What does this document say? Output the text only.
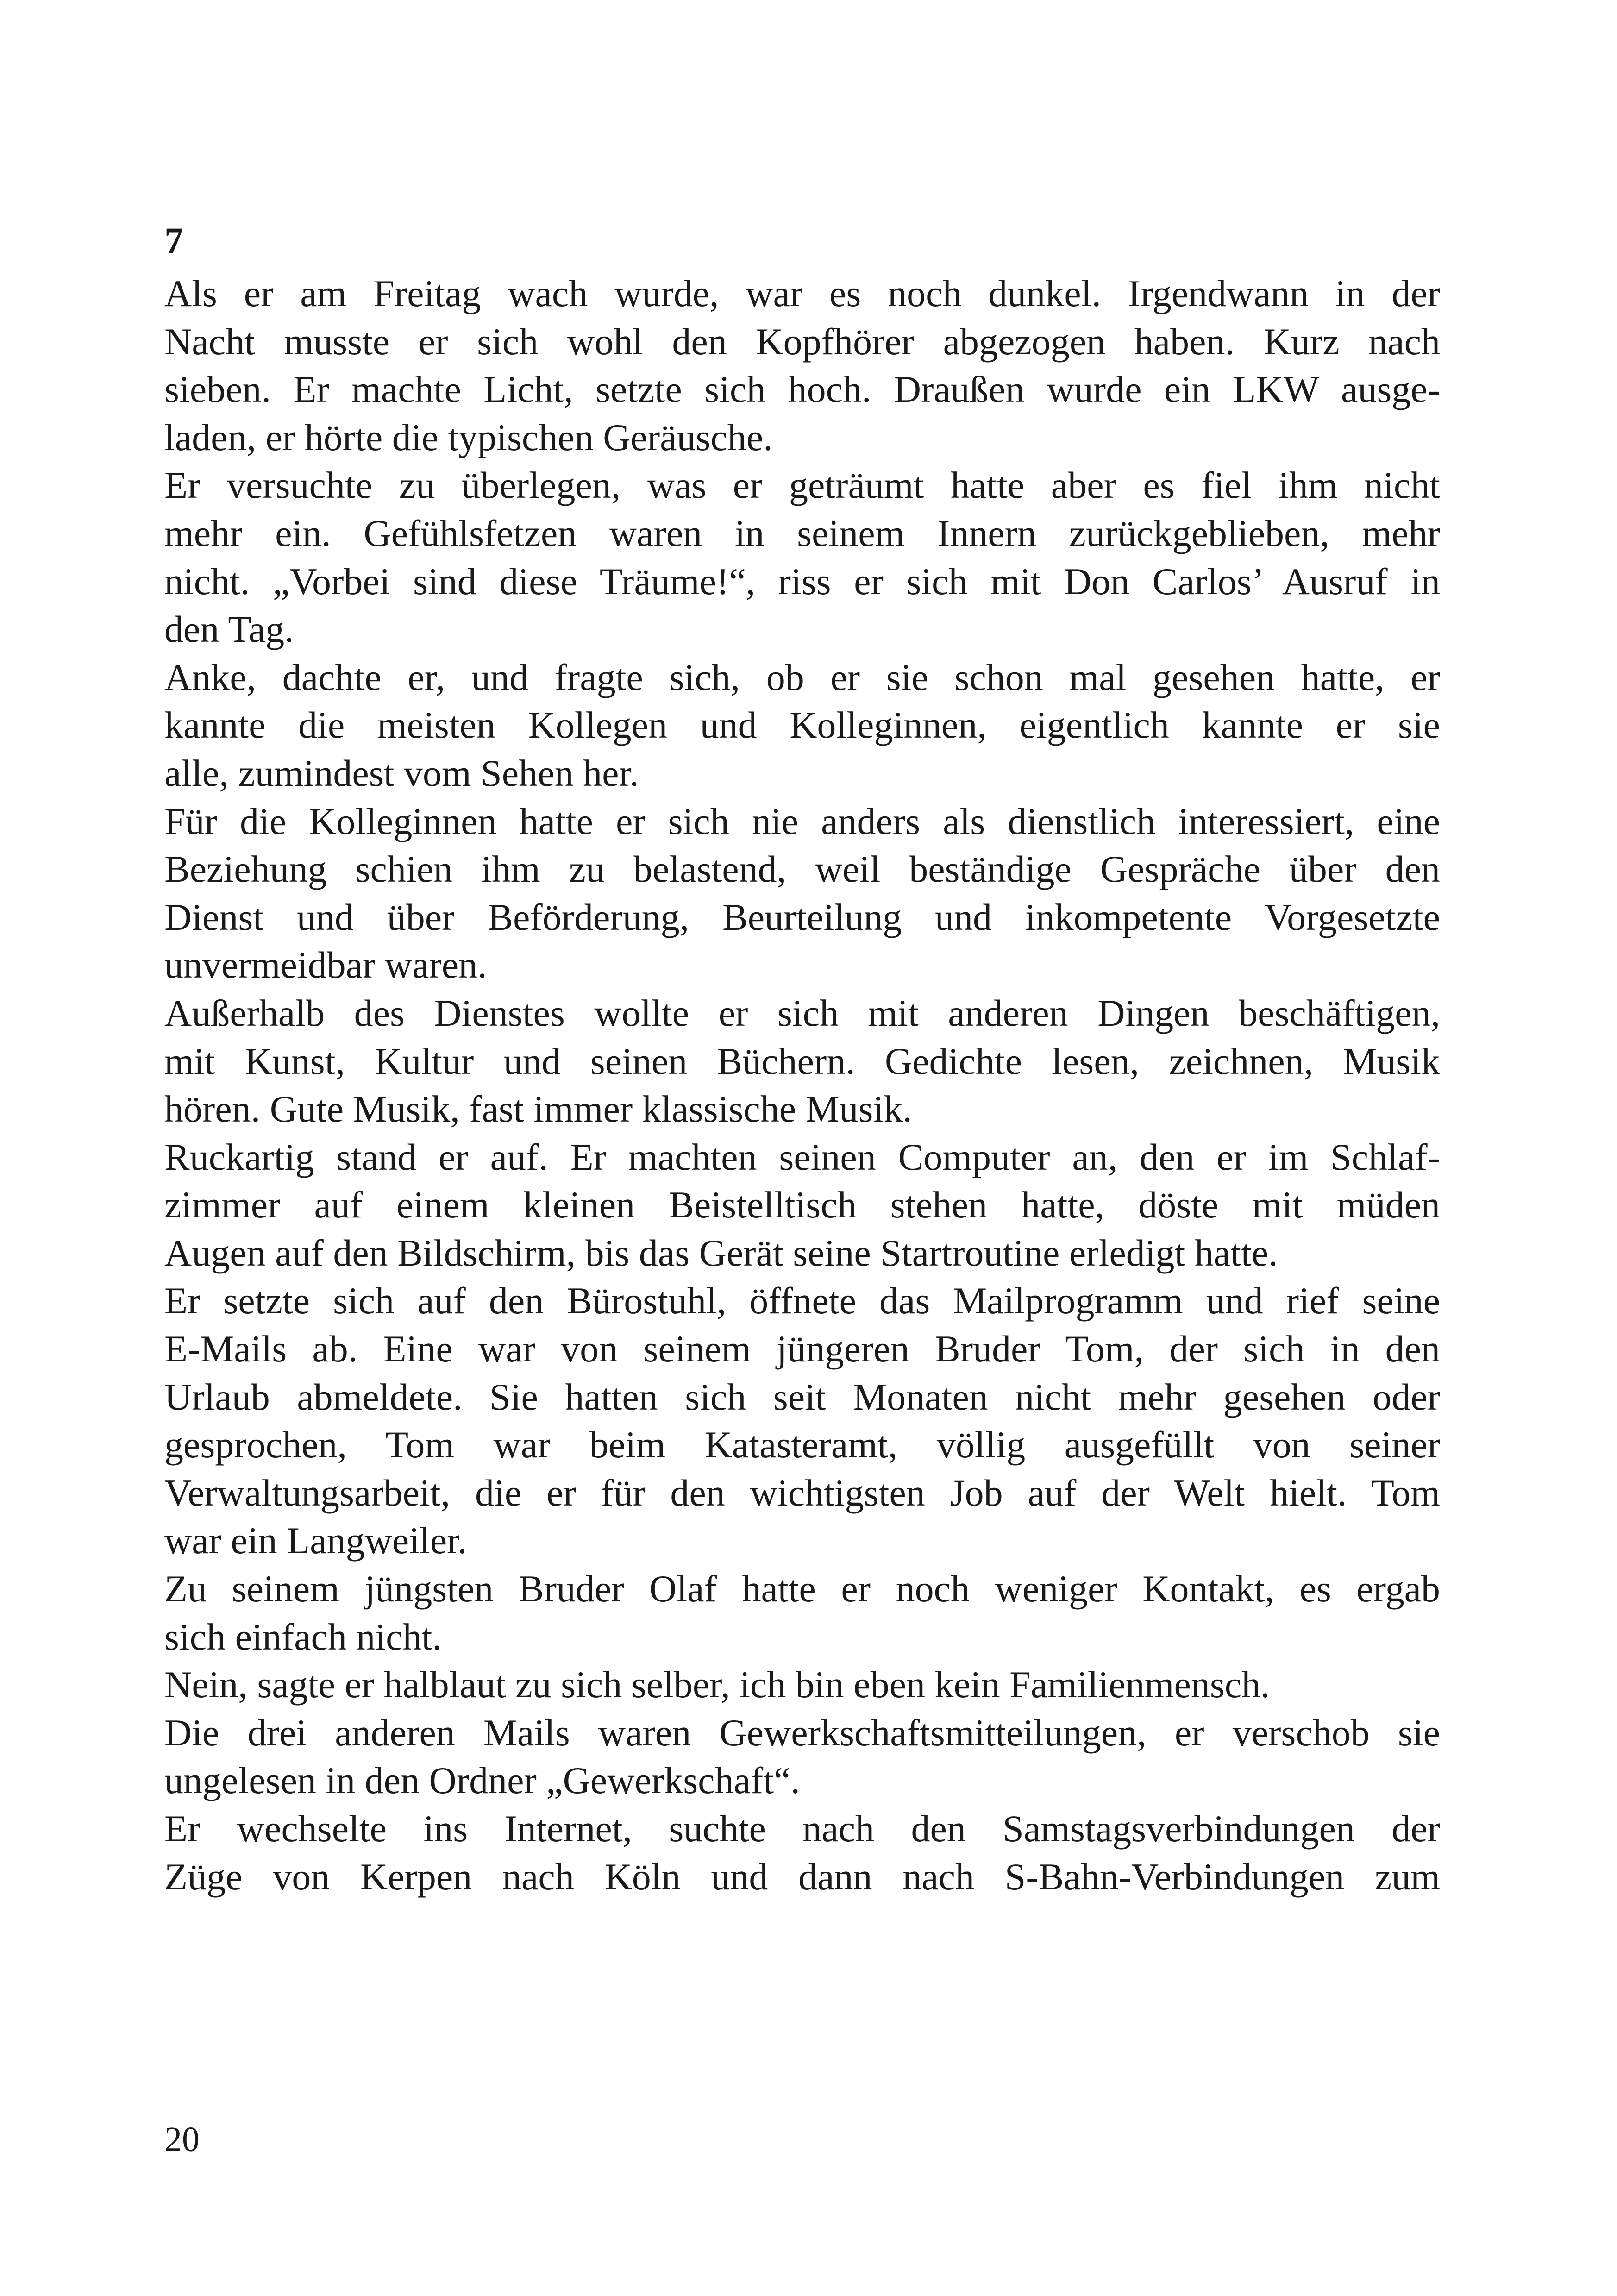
7
Als er am Freitag wach wurde, war es noch dunkel. Irgendwann in der
Nacht musste er sich wohl den Kopfhörer abgezogen haben. Kurz nach
sieben. Er machte Licht, setzte sich hoch. Draußen wurde ein LKW ausge-
laden, er hörte die typischen Geräusche.
Er versuchte zu überlegen, was er geträumt hatte aber es fiel ihm nicht
mehr ein. Gefühlsfetzen waren in seinem Innern zurückgeblieben, mehr
nicht. „Vorbei sind diese Träume!“, riss er sich mit Don Carlos’ Ausruf in
den Tag.
Anke, dachte er, und fragte sich, ob er sie schon mal gesehen hatte, er
kannte die meisten Kollegen und Kolleginnen, eigentlich kannte er sie
alle, zumindest vom Sehen her.
Für die Kolleginnen hatte er sich nie anders als dienstlich interessiert, eine
Beziehung schien ihm zu belastend, weil beständige Gespräche über den
Dienst und über Beförderung, Beurteilung und inkompetente Vorgesetzte
unvermeidbar waren.
Außerhalb des Dienstes wollte er sich mit anderen Dingen beschäftigen,
mit Kunst, Kultur und seinen Büchern. Gedichte lesen, zeichnen, Musik
hören. Gute Musik, fast immer klassische Musik.
Ruckartig stand er auf. Er machten seinen Computer an, den er im Schlaf-
zimmer auf einem kleinen Beistelltisch stehen hatte, döste mit müden
Augen auf den Bildschirm, bis das Gerät seine Startroutine erledigt hatte.
Er setzte sich auf den Bürostuhl, öffnete das Mailprogramm und rief seine
E-Mails ab. Eine war von seinem jüngeren Bruder Tom, der sich in den
Urlaub abmeldete. Sie hatten sich seit Monaten nicht mehr gesehen oder
gesprochen, Tom war beim Katasteramt, völlig ausgefüllt von seiner
Verwaltungsarbeit, die er für den wichtigsten Job auf der Welt hielt. Tom
war ein Langweiler.
Zu seinem jüngsten Bruder Olaf hatte er noch weniger Kontakt, es ergab
sich einfach nicht.
Nein, sagte er halblaut zu sich selber, ich bin eben kein Familienmensch.
Die drei anderen Mails waren Gewerkschaftsmitteilungen, er verschob sie
ungelesen in den Ordner „Gewerkschaft“.
Er wechselte ins Internet, suchte nach den Samstagsverbindungen der
Züge von Kerpen nach Köln und dann nach S-Bahn-Verbindungen zum
20
